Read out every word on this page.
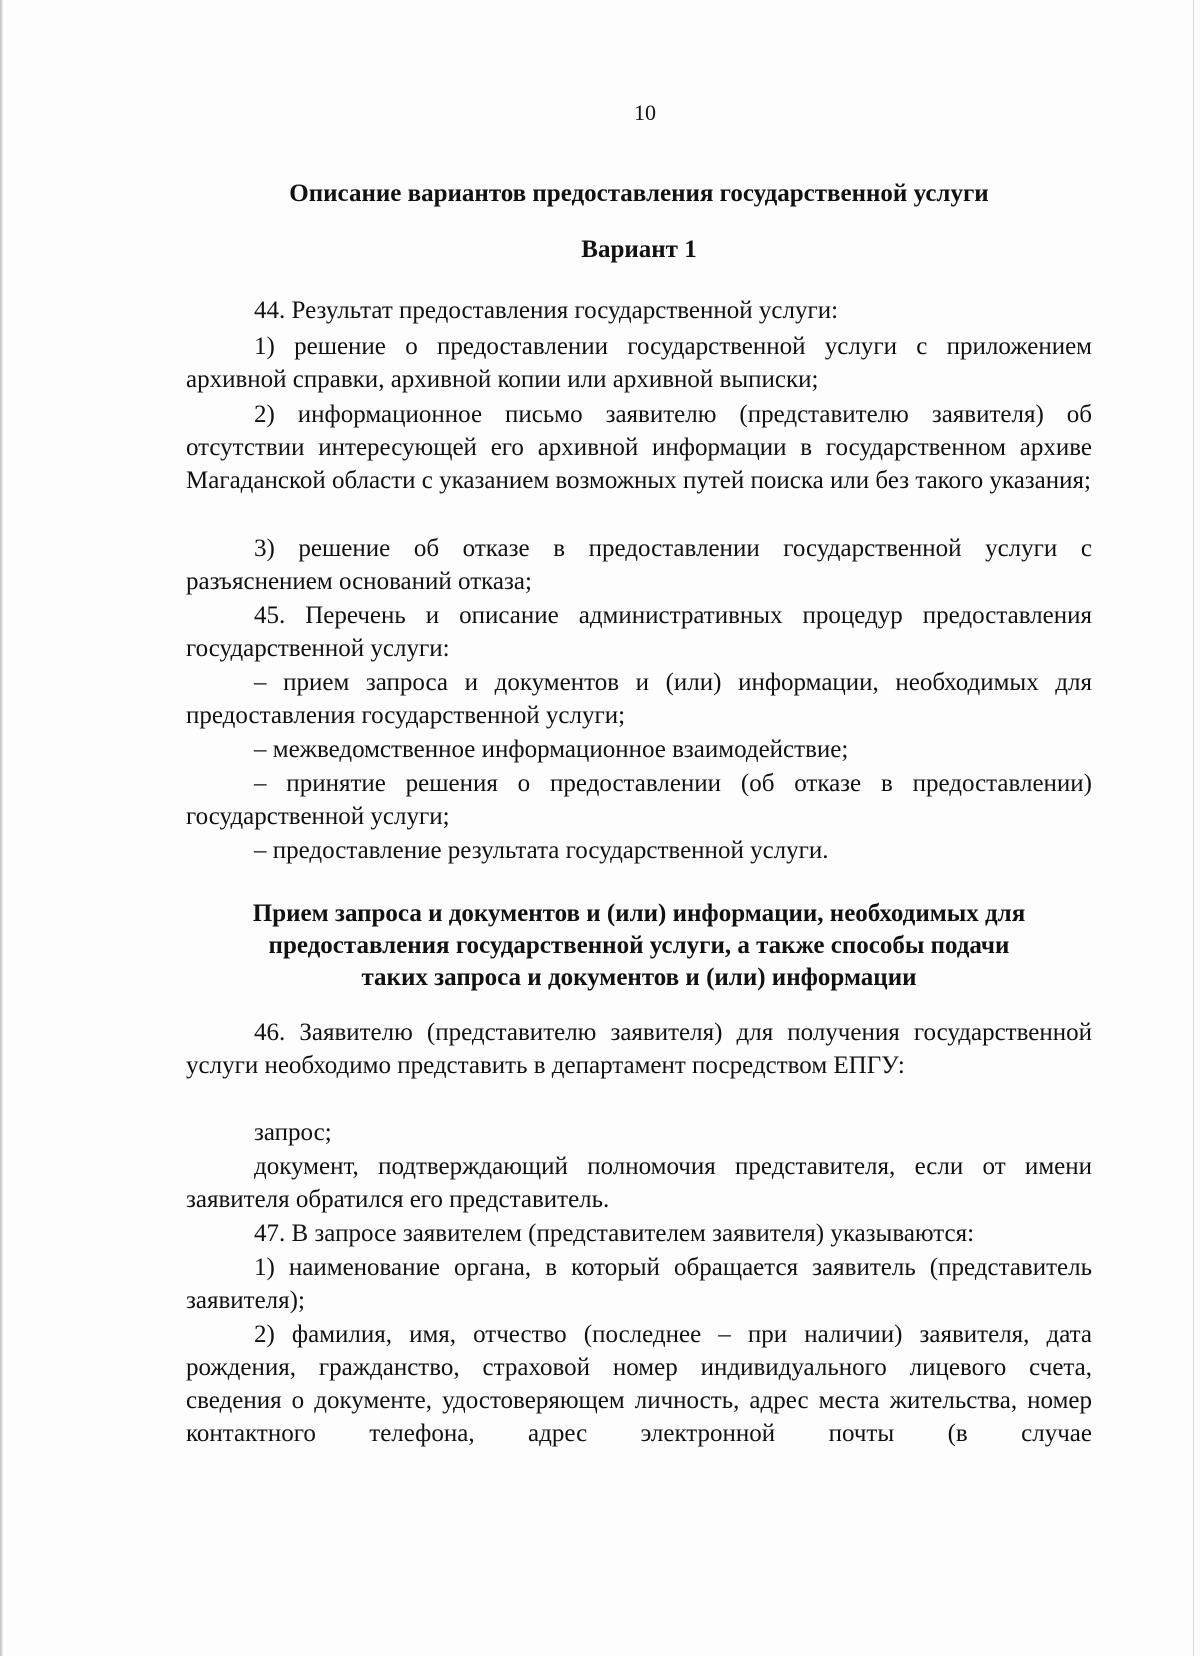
10
Описание вариантов предоставления государственной услуги
Вариант 1

44. Результат предоставления государственной услуги:

1) решение о предоставлении государственной услуги с приложением архивной справки, архивной копии или архивной выписки;

2) информационное письмо заявителю (представителю заявителя) об отсутствии интересующей его архивной информации в государственном архиве Магаданской области с указанием возможных путей поиска или без такого указания;

3) решение об отказе в предоставлении государственной услуги с разъяснением оснований отказа;

45. Перечень и описание административных процедур предоставления государственной услуги:

– прием запроса и документов и (или) информации, необходимых для предоставления государственной услуги;

– межведомственное информационное взаимодействие;

– принятие решения о предоставлении (об отказе в предоставлении) государственной услуги;

– предоставление результата государственной услуги.

Прием запроса и документов и (или) информации, необходимых для
предоставления государственной услуги, а также способы подачи
таких запроса и документов и (или) информации

46. Заявителю (представителю заявителя) для получения государственной услуги необходимо представить в департамент посредством ЕПГУ:

запрос;

документ, подтверждающий полномочия представителя, если от имени заявителя обратился его представитель.

47. В запросе заявителем (представителем заявителя) указываются:

1) наименование органа, в который обращается заявитель (представитель заявителя);

2) фамилия, имя, отчество (последнее – при наличии) заявителя, дата рождения, гражданство, страховой номер индивидуального лицевого счета, сведения о документе, удостоверяющем личность, адрес места жительства, номер контактного телефона, адрес электронной почты (в случае
